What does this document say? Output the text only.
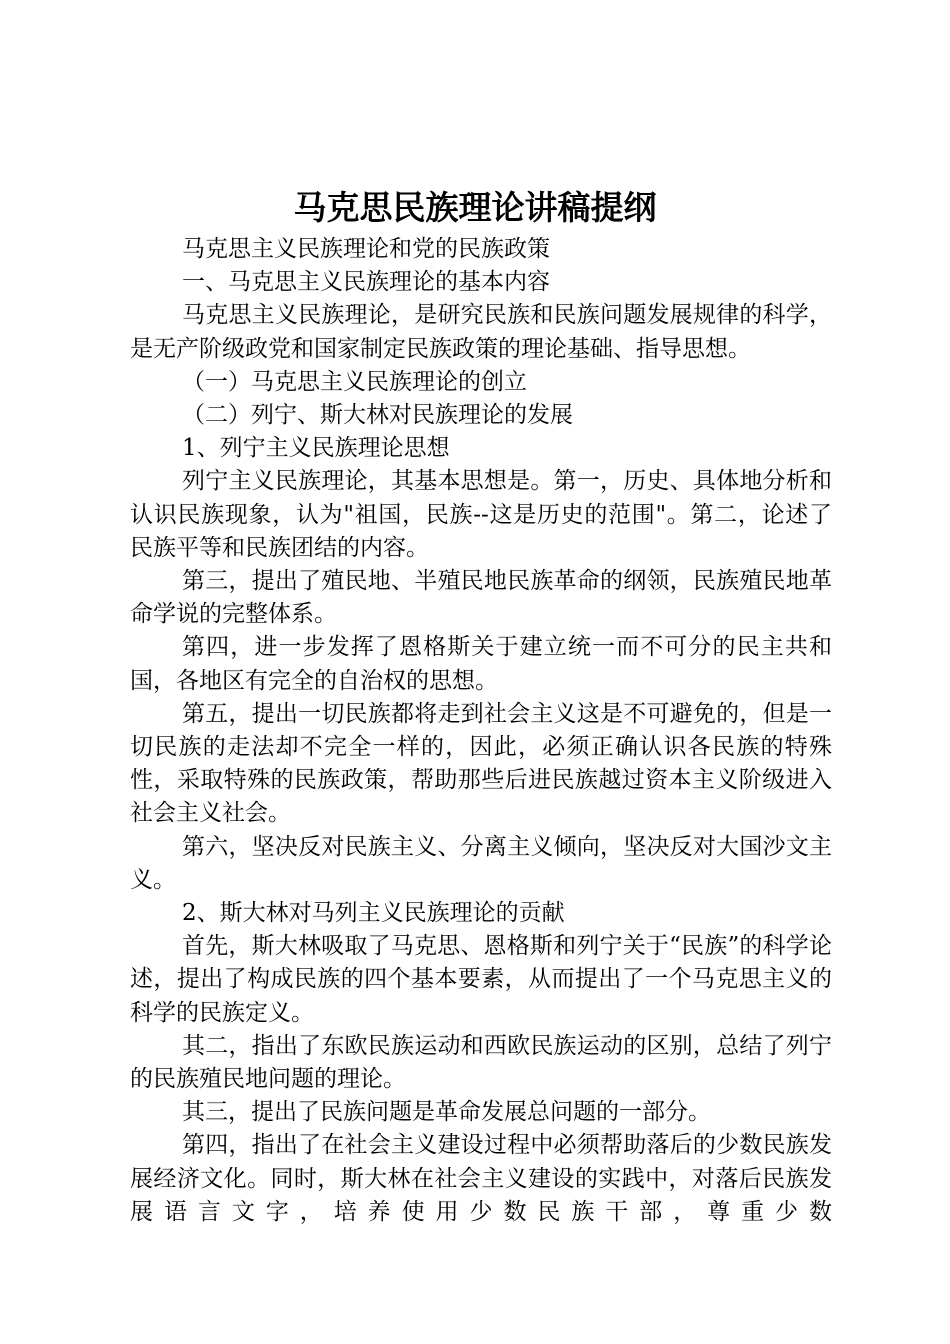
马克思民族理论讲稿提纲

马克思主义民族理论和党的民族政策

一、马克思主义民族理论的基本内容

马克思主义民族理论，是研究民族和民族问题发展规律的科学，是无产阶级政党和国家制定民族政策的理论基础、指导思想。

（一）马克思主义民族理论的创立

（二）列宁、斯大林对民族理论的发展

1、列宁主义民族理论思想

列宁主义民族理论，其基本思想是。第一，历史、具体地分析和认识民族现象，认为"祖国，民族--这是历史的范围"。第二，论述了民族平等和民族团结的内容。

第三，提出了殖民地、半殖民地民族革命的纲领，民族殖民地革命学说的完整体系。

第四，进一步发挥了恩格斯关于建立统一而不可分的民主共和国，各地区有完全的自治权的思想。

第五，提出一切民族都将走到社会主义这是不可避免的，但是一切民族的走法却不完全一样的，因此，必须正确认识各民族的特殊性，采取特殊的民族政策，帮助那些后进民族越过资本主义阶级进入社会主义社会。

第六，坚决反对民族主义、分离主义倾向，坚决反对大国沙文主义。

2、斯大林对马列主义民族理论的贡献

首先，斯大林吸取了马克思、恩格斯和列宁关于“民族”的科学论述，提出了构成民族的四个基本要素，从而提出了一个马克思主义的科学的民族定义。

其二，指出了东欧民族运动和西欧民族运动的区别，总结了列宁的民族殖民地问题的理论。

其三，提出了民族问题是革命发展总问题的一部分。

第四，指出了在社会主义建设过程中必须帮助落后的少数民族发展经济文化。同时，斯大林在社会主义建设的实践中，对落后民族发展语言文字，培养使用少数民族干部，尊重少数
